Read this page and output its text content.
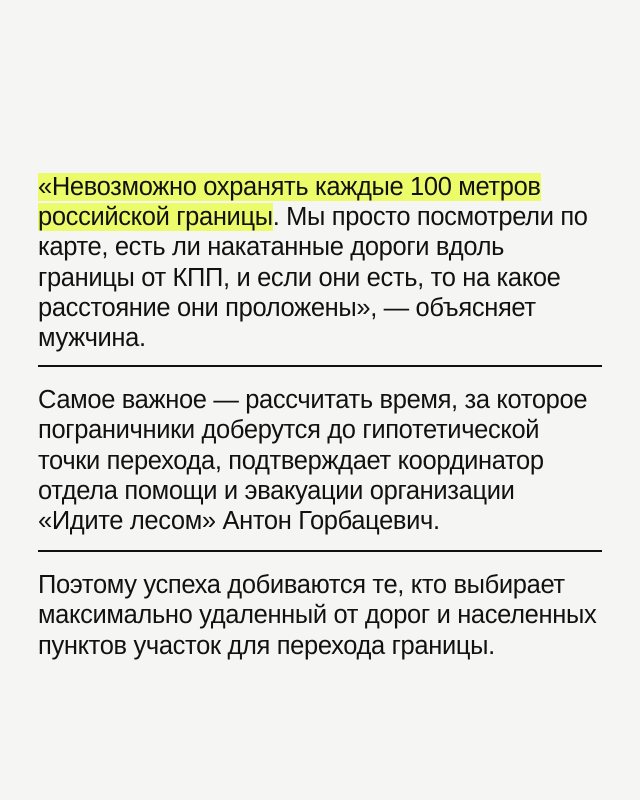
«Невозможно охранять каждые 100 метров российской границы. Мы просто посмотрели по карте, есть ли накатанные дороги вдоль границы от КПП, и если они есть, то на какое расстояние они проложены», — объясняет мужчина.

Самое важное — рассчитать время, за которое пограничники доберутся до гипотетической точки перехода, подтверждает координатор отдела помощи и эвакуации организации «Идите лесом» Антон Горбацевич.

Поэтому успеха добиваются те, кто выбирает максимально удаленный от дорог и населенных пунктов участок для перехода границы.
